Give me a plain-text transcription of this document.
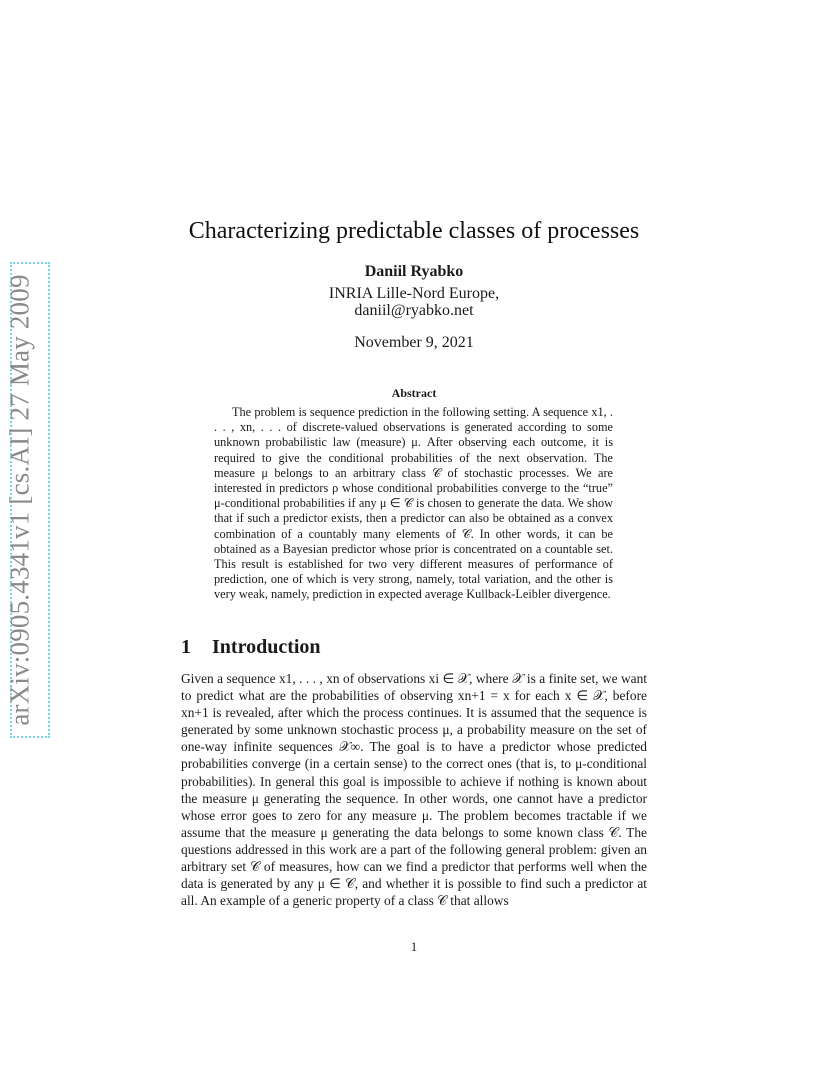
arXiv:0905.4341v1 [cs.AI] 27 May 2009
Characterizing predictable classes of processes
Daniil Ryabko
INRIA Lille-Nord Europe,
daniil@ryabko.net
November 9, 2021
Abstract
The problem is sequence prediction in the following setting. A sequence x1, . . . , xn, . . . of discrete-valued observations is generated according to some unknown probabilistic law (measure) μ. After observing each outcome, it is required to give the conditional probabilities of the next observation. The measure μ belongs to an arbitrary class 𝒞 of stochastic processes. We are interested in predictors ρ whose conditional probabilities converge to the “true” μ-conditional probabilities if any μ ∈ 𝒞 is chosen to generate the data. We show that if such a predictor exists, then a predictor can also be obtained as a convex combination of a countably many elements of 𝒞. In other words, it can be obtained as a Bayesian predictor whose prior is concentrated on a countable set. This result is established for two very different measures of performance of prediction, one of which is very strong, namely, total variation, and the other is very weak, namely, prediction in expected average Kullback-Leibler divergence.
1 Introduction
Given a sequence x1, . . . , xn of observations xi ∈ 𝒳, where 𝒳 is a finite set, we want to predict what are the probabilities of observing xn+1 = x for each x ∈ 𝒳, before xn+1 is revealed, after which the process continues. It is assumed that the sequence is generated by some unknown stochastic process μ, a probability measure on the set of one-way infinite sequences 𝒳∞. The goal is to have a predictor whose predicted probabilities converge (in a certain sense) to the correct ones (that is, to μ-conditional probabilities). In general this goal is impossible to achieve if nothing is known about the measure μ generating the sequence. In other words, one cannot have a predictor whose error goes to zero for any measure μ. The problem becomes tractable if we assume that the measure μ generating the data belongs to some known class 𝒞. The questions addressed in this work are a part of the following general problem: given an arbitrary set 𝒞 of measures, how can we find a predictor that performs well when the data is generated by any μ ∈ 𝒞, and whether it is possible to find such a predictor at all. An example of a generic property of a class 𝒞 that allows
1
